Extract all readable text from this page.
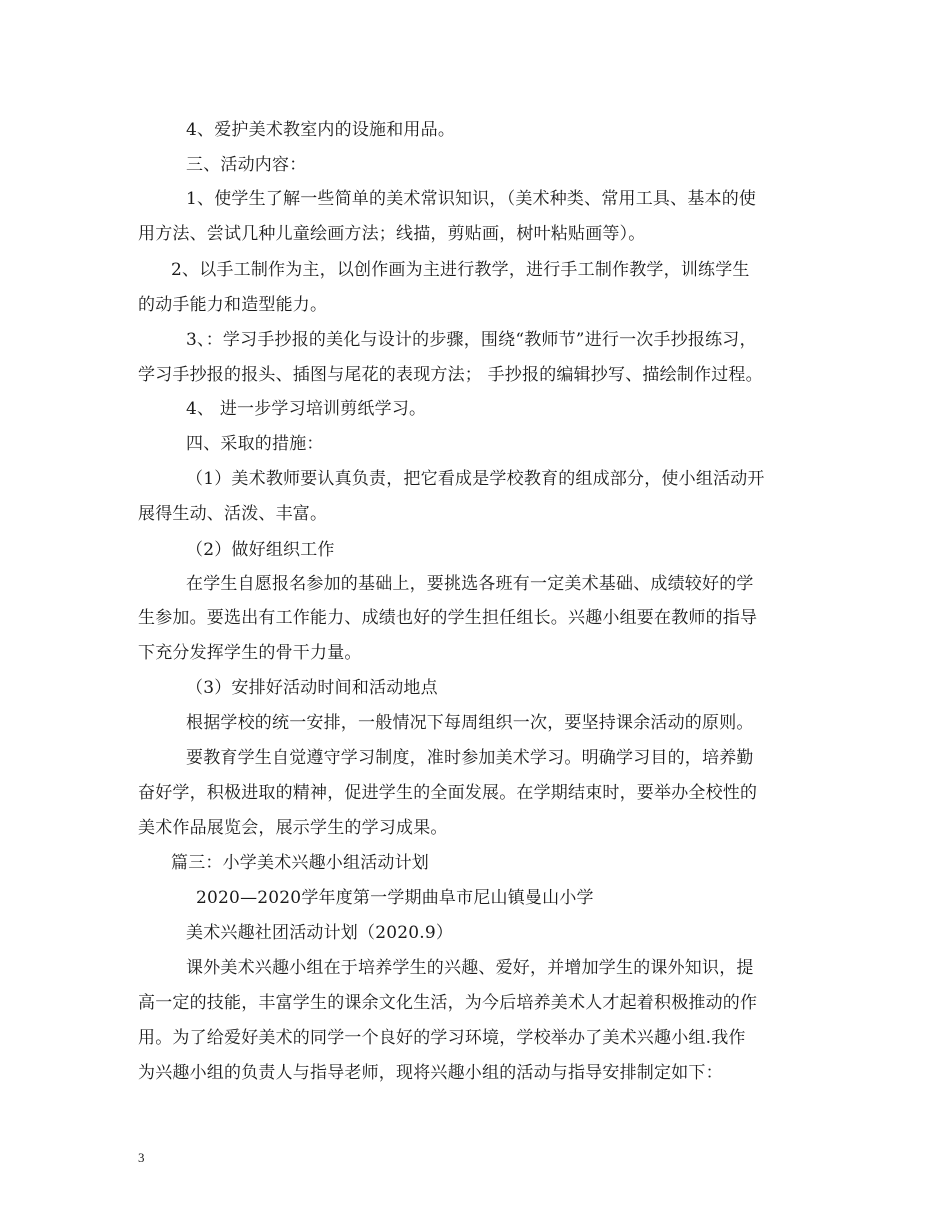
4、爱护美术教室内的设施和用品。
三、活动内容：
1、使学生了解一些简单的美术常识知识，（美术种类、常用工具、基本的使
用方法、尝试几种儿童绘画方法；线描，剪贴画，树叶粘贴画等）。
2、以手工制作为主，以创作画为主进行教学，进行手工制作教学，训练学生
的动手能力和造型能力。
3、：学习手抄报的美化与设计的步骤，围绕“教师节”进行一次手抄报练习，
学习手抄报的报头、插图与尾花的表现方法； 手抄报的编辑抄写、描绘制作过程。
4、 进一步学习培训剪纸学习。
四、采取的措施：
（1）美术教师要认真负责，把它看成是学校教育的组成部分，使小组活动开
展得生动、活泼、丰富。
（2）做好组织工作
在学生自愿报名参加的基础上，要挑选各班有一定美术基础、成绩较好的学
生参加。要选出有工作能力、成绩也好的学生担任组长。兴趣小组要在教师的指导
下充分发挥学生的骨干力量。
（3）安排好活动时间和活动地点
根据学校的统一安排，一般情况下每周组织一次，要坚持课余活动的原则。
要教育学生自觉遵守学习制度，准时参加美术学习。明确学习目的，培养勤
奋好学，积极进取的精神，促进学生的全面发展。在学期结束时，要举办全校性的
美术作品展览会，展示学生的学习成果。
篇三：小学美术兴趣小组活动计划
2020—2020学年度第一学期曲阜市尼山镇曼山小学
美术兴趣社团活动计划（2020.9）
课外美术兴趣小组在于培养学生的兴趣、爱好，并增加学生的课外知识，提
高一定的技能，丰富学生的课余文化生活，为今后培养美术人才起着积极推动的作
用。为了给爱好美术的同学一个良好的学习环境，学校举办了美术兴趣小组.我作
为兴趣小组的负责人与指导老师，现将兴趣小组的活动与指导安排制定如下：
3
